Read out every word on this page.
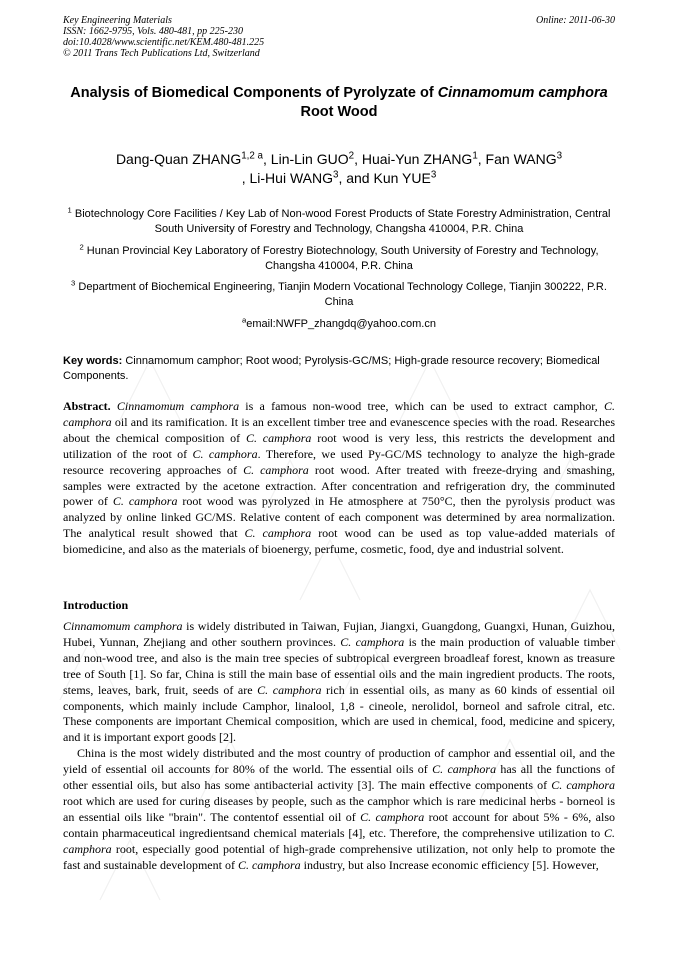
Key Engineering Materials
ISSN: 1662-9795, Vols. 480-481, pp 225-230
doi:10.4028/www.scientific.net/KEM.480-481.225
© 2011 Trans Tech Publications Ltd, Switzerland
Online: 2011-06-30
Analysis of Biomedical Components of Pyrolyzate of Cinnamomum camphora Root Wood
Dang-Quan $ZHANG^{1,2 a}$, Lin-Lin GUO$^2$, Huai-Yun ZHANG$^1$, Fan WANG$^3$
, Li-Hui WANG$^3$, and Kun YUE$^3$
$^1$ Biotechnology Core Facilities / Key Lab of Non-wood Forest Products of State Forestry Administration, Central South University of Forestry and Technology, Changsha 410004, P.R. China
$^2$ Hunan Provincial Key Laboratory of Forestry Biotechnology, South University of Forestry and Technology, Changsha 410004, P.R. China
$^3$ Department of Biochemical Engineering, Tianjin Modern Vocational Technology College, Tianjin 300222, P.R. China
$^a$email:NWFP_zhangdq@yahoo.com.cn
Key words: Cinnamomum camphor; Root wood; Pyrolysis-GC/MS; High-grade resource recovery; Biomedical Components.
Abstract. Cinnamomum camphora is a famous non-wood tree, which can be used to extract camphor, C. camphora oil and its ramification. It is an excellent timber tree and evanescence species with the road. Researches about the chemical composition of C. camphora root wood is very less, this restricts the development and utilization of the root of C. camphora. Therefore, we used Py-GC/MS technology to analyze the high-grade resource recovering approaches of C. camphora root wood. After treated with freeze-drying and smashing, samples were extracted by the acetone extraction. After concentration and refrigeration dry, the comminuted power of C. camphora root wood was pyrolyzed in He atmosphere at 750°C, then the pyrolysis product was analyzed by online linked GC/MS. Relative content of each component was determined by area normalization. The analytical result showed that C. camphora root wood can be used as top value-added materials of biomedicine, and also as the materials of bioenergy, perfume, cosmetic, food, dye and industrial solvent.
Introduction

Cinnamomum camphora is widely distributed in Taiwan, Fujian, Jiangxi, Guangdong, Guangxi, Hunan, Guizhou, Hubei, Yunnan, Zhejiang and other southern provinces. C. camphora is the main production of valuable timber and non-wood tree, and also is the main tree species of subtropical evergreen broadleaf forest, known as treasure tree of South [1]. So far, China is still the main base of essential oils and the main ingredient products. The roots, stems, leaves, bark, fruit, seeds of are C. camphora rich in essential oils, as many as 60 kinds of essential oil components, which mainly include Camphor, linalool, 1,8 - cineole, nerolidol, borneol and safrole citral, etc. These components are important Chemical composition, which are used in chemical, food, medicine and spicery, and it is important export goods [2].

China is the most widely distributed and the most country of production of camphor and essential oil, and the yield of essential oil accounts for 80% of the world. The essential oils of C. camphora has all the functions of other essential oils, but also has some antibacterial activity [3]. The main effective components of C. camphora root which are used for curing diseases by people, such as the camphor which is rare medicinal herbs - borneol is an essential oils like "brain". The contentof essential oil of C. camphora root account for about 5% - 6%, also contain pharmaceutical ingredientsand chemical materials [4], etc. Therefore, the comprehensive utilization to C. camphora root, especially good potential of high-grade comprehensive utilization, not only help to promote the fast and sustainable development of C. camphora industry, but also Increase economic efficiency [5]. However,
